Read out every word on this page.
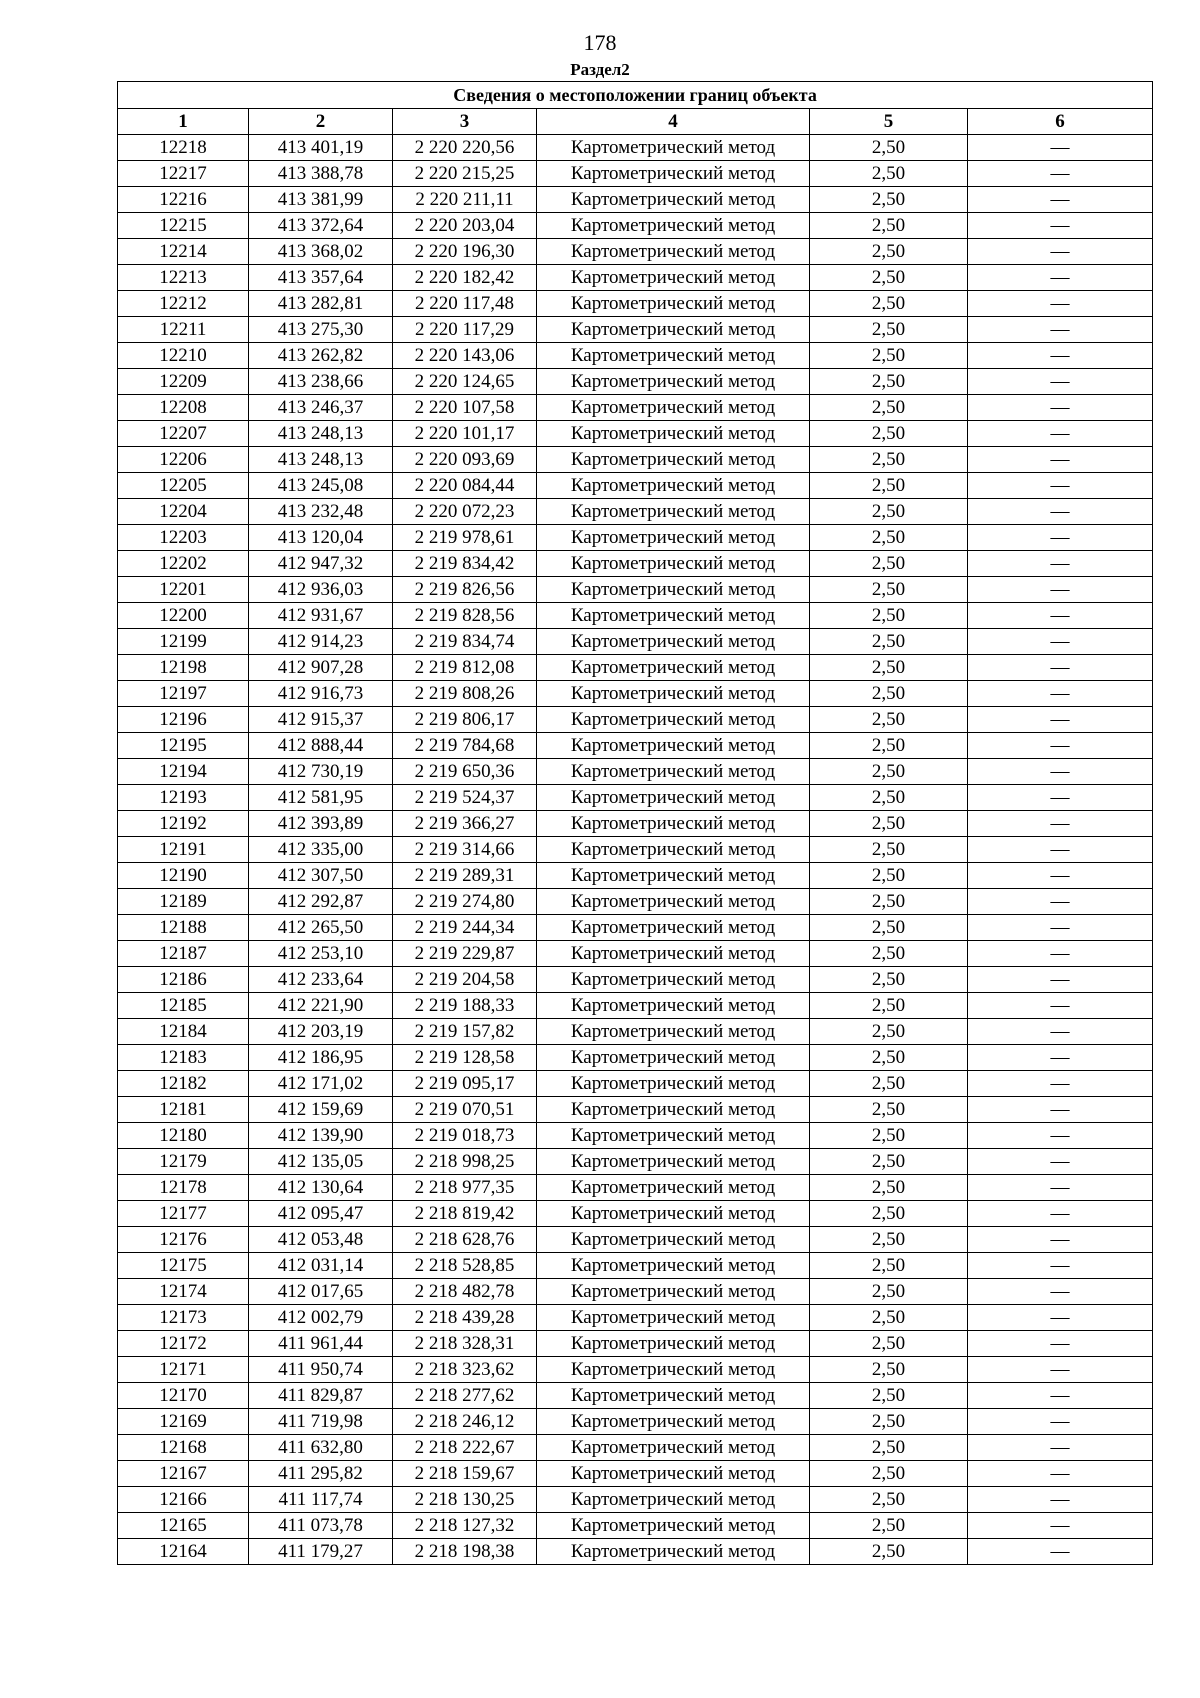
178
Раздел2
Сведения о местоположении границ объекта					
1	2	3	4	5	6
12218	413 401,19	2 220 220,56	Картометрический метод	2,50	—
12217	413 388,78	2 220 215,25	Картометрический метод	2,50	—
12216	413 381,99	2 220 211,11	Картометрический метод	2,50	—
12215	413 372,64	2 220 203,04	Картометрический метод	2,50	—
12214	413 368,02	2 220 196,30	Картометрический метод	2,50	—
12213	413 357,64	2 220 182,42	Картометрический метод	2,50	—
12212	413 282,81	2 220 117,48	Картометрический метод	2,50	—
12211	413 275,30	2 220 117,29	Картометрический метод	2,50	—
12210	413 262,82	2 220 143,06	Картометрический метод	2,50	—
12209	413 238,66	2 220 124,65	Картометрический метод	2,50	—
12208	413 246,37	2 220 107,58	Картометрический метод	2,50	—
12207	413 248,13	2 220 101,17	Картометрический метод	2,50	—
12206	413 248,13	2 220 093,69	Картометрический метод	2,50	—
12205	413 245,08	2 220 084,44	Картометрический метод	2,50	—
12204	413 232,48	2 220 072,23	Картометрический метод	2,50	—
12203	413 120,04	2 219 978,61	Картометрический метод	2,50	—
12202	412 947,32	2 219 834,42	Картометрический метод	2,50	—
12201	412 936,03	2 219 826,56	Картометрический метод	2,50	—
12200	412 931,67	2 219 828,56	Картометрический метод	2,50	—
12199	412 914,23	2 219 834,74	Картометрический метод	2,50	—
12198	412 907,28	2 219 812,08	Картометрический метод	2,50	—
12197	412 916,73	2 219 808,26	Картометрический метод	2,50	—
12196	412 915,37	2 219 806,17	Картометрический метод	2,50	—
12195	412 888,44	2 219 784,68	Картометрический метод	2,50	—
12194	412 730,19	2 219 650,36	Картометрический метод	2,50	—
12193	412 581,95	2 219 524,37	Картометрический метод	2,50	—
12192	412 393,89	2 219 366,27	Картометрический метод	2,50	—
12191	412 335,00	2 219 314,66	Картометрический метод	2,50	—
12190	412 307,50	2 219 289,31	Картометрический метод	2,50	—
12189	412 292,87	2 219 274,80	Картометрический метод	2,50	—
12188	412 265,50	2 219 244,34	Картометрический метод	2,50	—
12187	412 253,10	2 219 229,87	Картометрический метод	2,50	—
12186	412 233,64	2 219 204,58	Картометрический метод	2,50	—
12185	412 221,90	2 219 188,33	Картометрический метод	2,50	—
12184	412 203,19	2 219 157,82	Картометрический метод	2,50	—
12183	412 186,95	2 219 128,58	Картометрический метод	2,50	—
12182	412 171,02	2 219 095,17	Картометрический метод	2,50	—
12181	412 159,69	2 219 070,51	Картометрический метод	2,50	—
12180	412 139,90	2 219 018,73	Картометрический метод	2,50	—
12179	412 135,05	2 218 998,25	Картометрический метод	2,50	—
12178	412 130,64	2 218 977,35	Картометрический метод	2,50	—
12177	412 095,47	2 218 819,42	Картометрический метод	2,50	—
12176	412 053,48	2 218 628,76	Картометрический метод	2,50	—
12175	412 031,14	2 218 528,85	Картометрический метод	2,50	—
12174	412 017,65	2 218 482,78	Картометрический метод	2,50	—
12173	412 002,79	2 218 439,28	Картометрический метод	2,50	—
12172	411 961,44	2 218 328,31	Картометрический метод	2,50	—
12171	411 950,74	2 218 323,62	Картометрический метод	2,50	—
12170	411 829,87	2 218 277,62	Картометрический метод	2,50	—
12169	411 719,98	2 218 246,12	Картометрический метод	2,50	—
12168	411 632,80	2 218 222,67	Картометрический метод	2,50	—
12167	411 295,82	2 218 159,67	Картометрический метод	2,50	—
12166	411 117,74	2 218 130,25	Картометрический метод	2,50	—
12165	411 073,78	2 218 127,32	Картометрический метод	2,50	—
12164	411 179,27	2 218 198,38	Картометрический метод	2,50	—
